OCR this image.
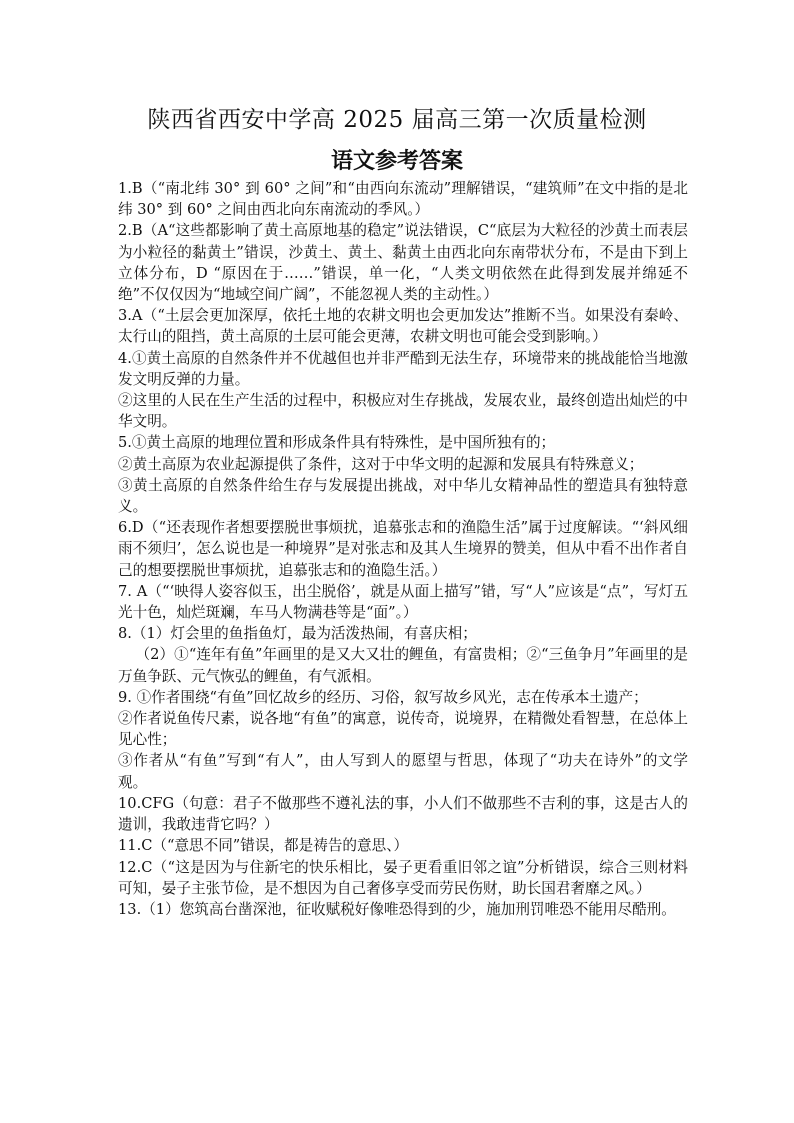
陕西省西安中学高 2025 届高三第一次质量检测
语文参考答案

1.B（“南北纬 30° 到 60° 之间”和“由西向东流动”理解错误，“建筑师”在文中指的是北纬 30° 到 60° 之间由西北向东南流动的季风。）

2.B（A“这些都影响了黄土高原地基的稳定”说法错误，C“底层为大粒径的沙黄土而表层为小粒径的黏黄土”错误，沙黄土、黄土、黏黄土由西北向东南带状分布，不是由下到上立体分布，D “原因在于……”错误，单一化，“人类文明依然在此得到发展并绵延不绝”不仅仅因为“地域空间广阔”，不能忽视人类的主动性。）

3.A（“土层会更加深厚，依托土地的农耕文明也会更加发达”推断不当。如果没有秦岭、太行山的阻挡，黄土高原的土层可能会更薄，农耕文明也可能会受到影响。）

4.①黄土高原的自然条件并不优越但也并非严酷到无法生存，环境带来的挑战能恰当地激发文明反弹的力量。

②这里的人民在生产生活的过程中，积极应对生存挑战，发展农业，最终创造出灿烂的中华文明。

5.①黄土高原的地理位置和形成条件具有特殊性，是中国所独有的；

②黄土高原为农业起源提供了条件，这对于中华文明的起源和发展具有特殊意义；

③黄土高原的自然条件给生存与发展提出挑战，对中华儿女精神品性的塑造具有独特意义。

6.D（“还表现作者想要摆脱世事烦扰，追慕张志和的渔隐生活”属于过度解读。“‘斜风细雨不须归’，怎么说也是一种境界”是对张志和及其人生境界的赞美，但从中看不出作者自己的想要摆脱世事烦扰，追慕张志和的渔隐生活。）

7. A（“‘映得人姿容似玉，出尘脱俗’，就是从面上描写”错，写“人”应该是“点”，写灯五光十色，灿烂斑斓，车马人物满巷等是“面”。）

8.（1）灯会里的鱼指鱼灯，最为活泼热闹，有喜庆相；

（2）①“连年有鱼”年画里的是又大又壮的鲤鱼，有富贵相；②“三鱼争月”年画里的是万鱼争跃、元气恢弘的鲤鱼，有气派相。

9. ①作者围绕“有鱼”回忆故乡的经历、习俗，叙写故乡风光，志在传承本土遗产；

②作者说鱼传尺素，说各地“有鱼”的寓意，说传奇，说境界，在精微处看智慧，在总体上见心性；

③作者从“有鱼”写到“有人”，由人写到人的愿望与哲思，体现了“功夫在诗外”的文学观。

10.CFG（句意：君子不做那些不遵礼法的事，小人们不做那些不吉利的事，这是古人的遗训，我敢违背它吗？）

11.C（“意思不同”错误，都是祷告的意思、）

12.C（“这是因为与住新宅的快乐相比，晏子更看重旧邻之谊”分析错误，综合三则材料可知，晏子主张节俭，是不想因为自己奢侈享受而劳民伤财，助长国君奢靡之风。）

13.（1）您筑高台凿深池，征收赋税好像唯恐得到的少，施加刑罚唯恐不能用尽酷刑。
